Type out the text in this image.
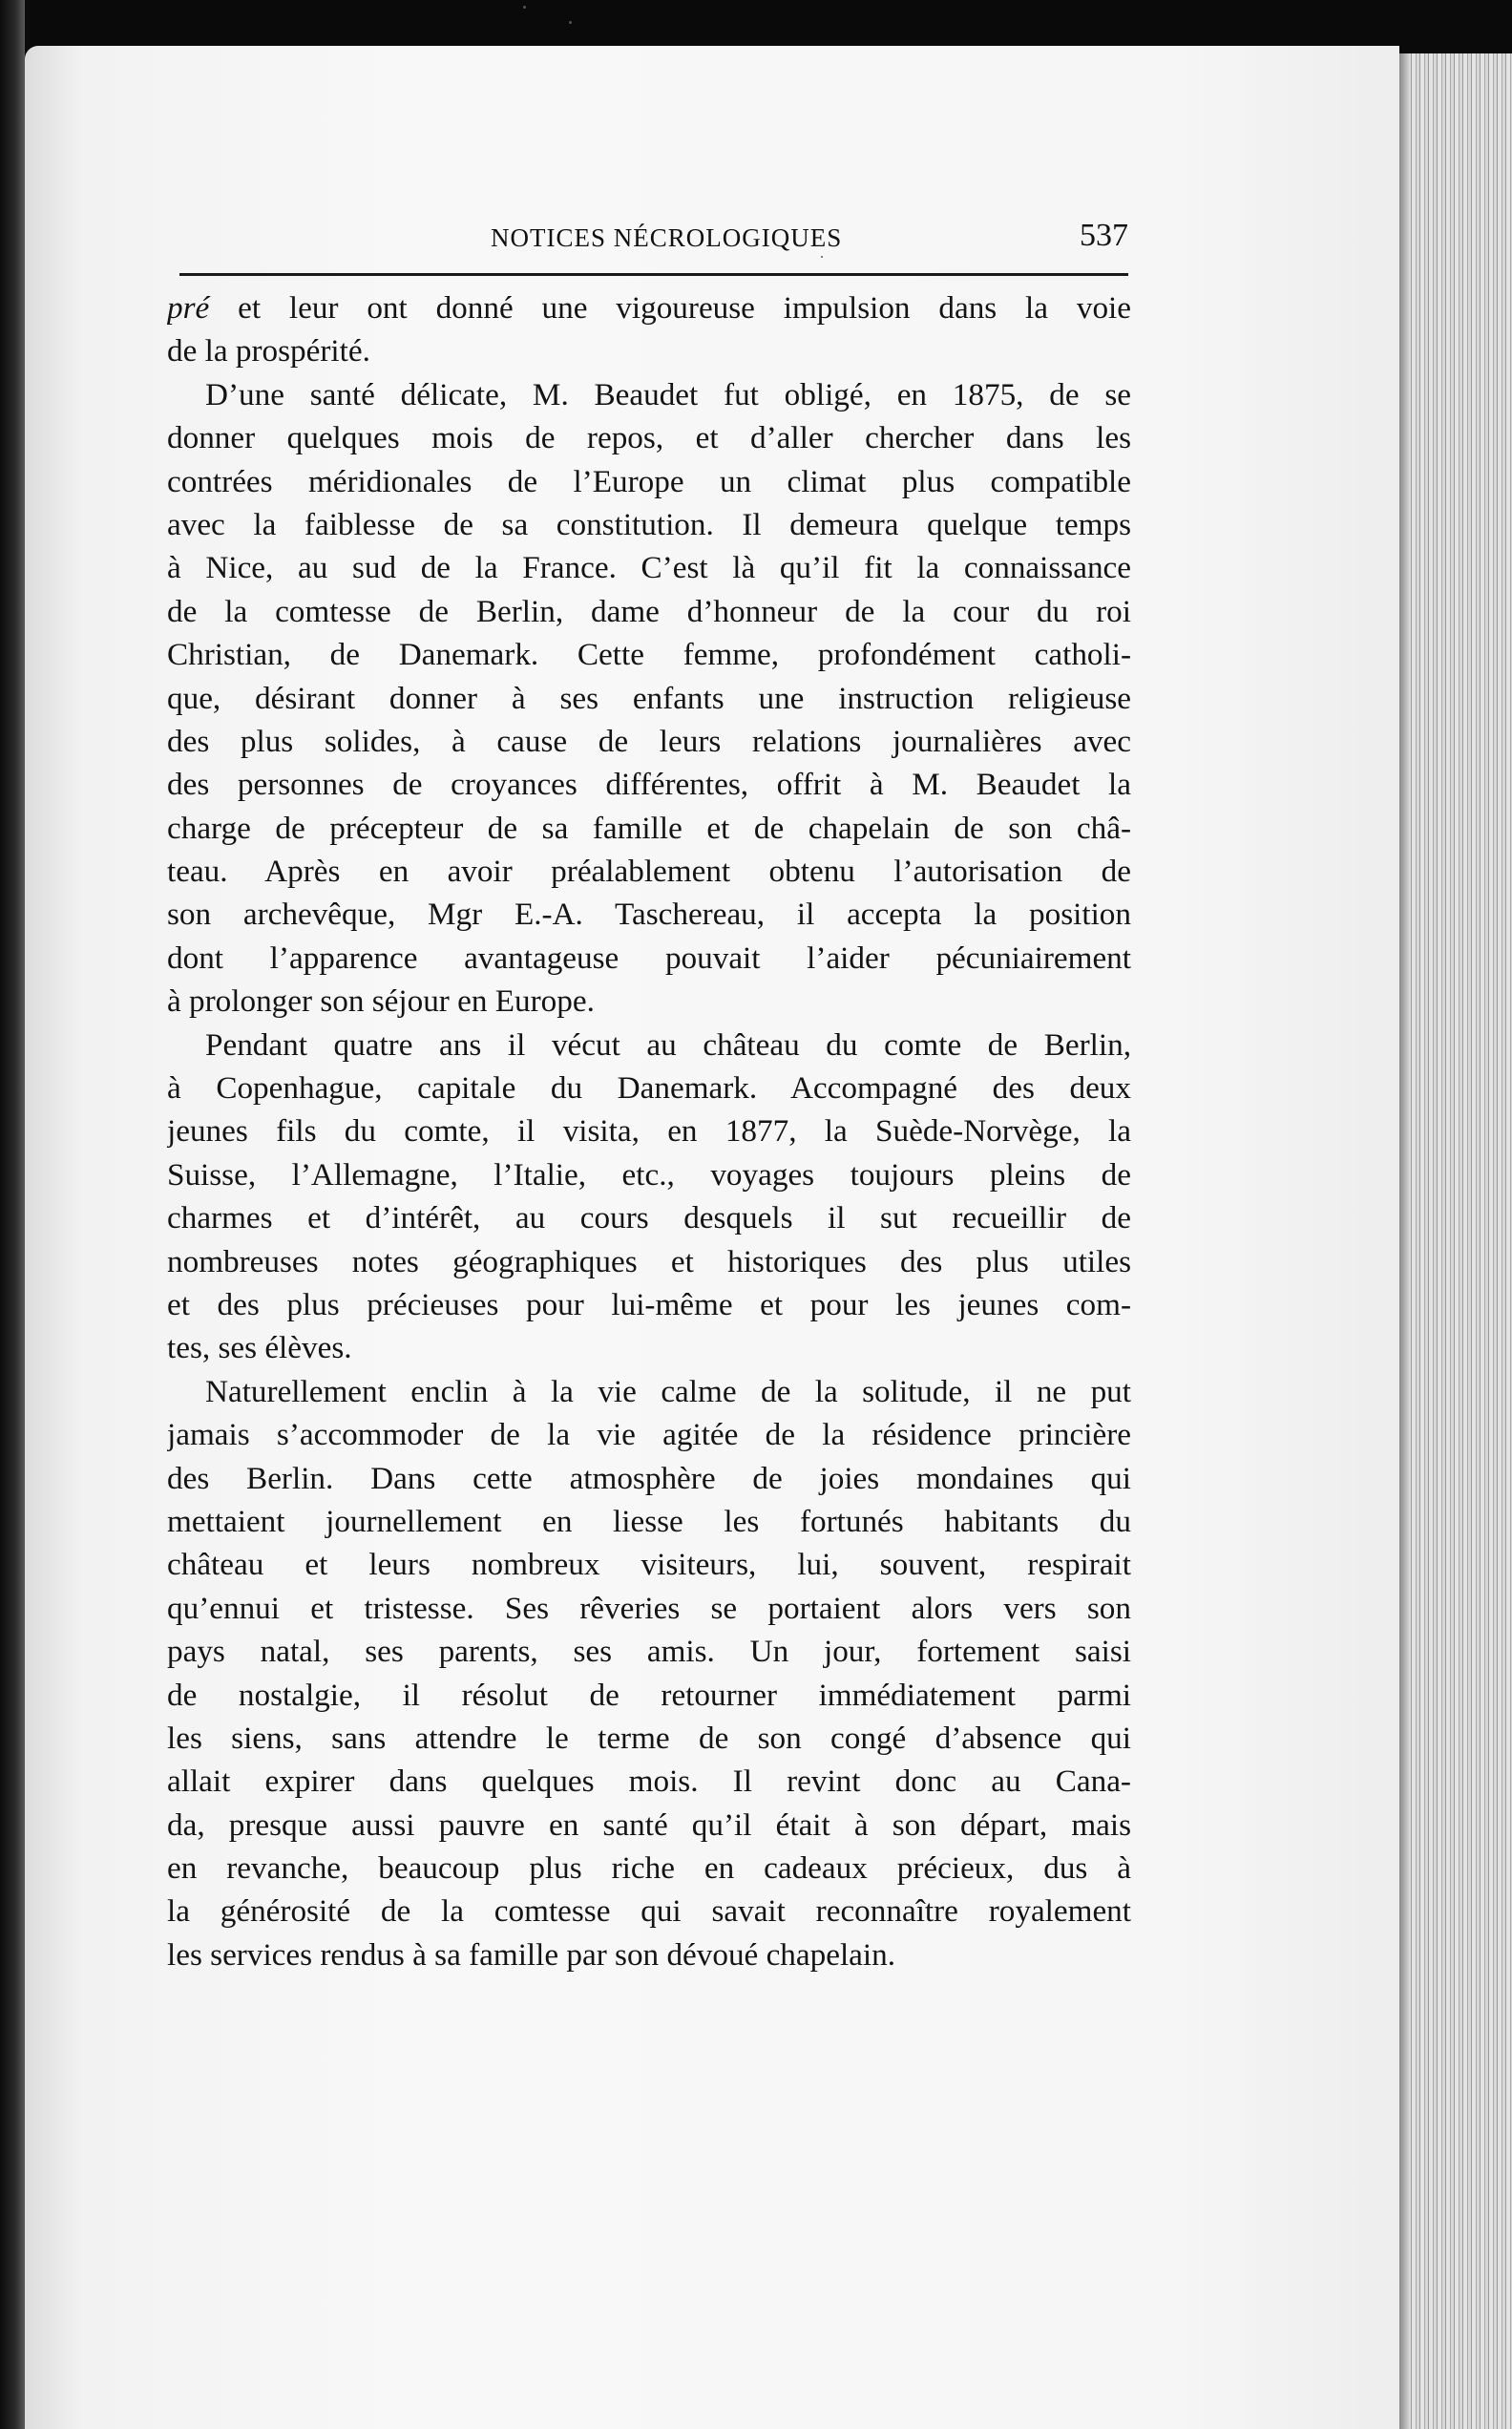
NOTICES NÉCROLOGIQUES	537
pré et leur ont donné une vigoureuse impulsion dans la voie
de la prospérité.
D’une santé délicate, M. Beaudet fut obligé, en 1875, de se
donner quelques mois de repos, et d’aller chercher dans les
contrées méridionales de l’Europe un climat plus compatible
avec la faiblesse de sa constitution. Il demeura quelque temps
à Nice, au sud de la France. C’est là qu’il fit la connaissance
de la comtesse de Berlin, dame d’honneur de la cour du roi
Christian, de Danemark. Cette femme, profondément catholi-
que, désirant donner à ses enfants une instruction religieuse
des plus solides, à cause de leurs relations journalières avec
des personnes de croyances différentes, offrit à M. Beaudet la
charge de précepteur de sa famille et de chapelain de son châ-
teau. Après en avoir préalablement obtenu l’autorisation de
son archevêque, Mgr E.-A. Taschereau, il accepta la position
dont l’apparence avantageuse pouvait l’aider pécuniairement
à prolonger son séjour en Europe.
Pendant quatre ans il vécut au château du comte de Berlin,
à Copenhague, capitale du Danemark. Accompagné des deux
jeunes fils du comte, il visita, en 1877, la Suède-Norvège, la
Suisse, l’Allemagne, l’Italie, etc., voyages toujours pleins de
charmes et d’intérêt, au cours desquels il sut recueillir de
nombreuses notes géographiques et historiques des plus utiles
et des plus précieuses pour lui-même et pour les jeunes com-
tes, ses élèves.
Naturellement enclin à la vie calme de la solitude, il ne put
jamais s’accommoder de la vie agitée de la résidence princière
des Berlin. Dans cette atmosphère de joies mondaines qui
mettaient journellement en liesse les fortunés habitants du
château et leurs nombreux visiteurs, lui, souvent, respirait
qu’ennui et tristesse. Ses rêveries se portaient alors vers son
pays natal, ses parents, ses amis. Un jour, fortement saisi
de nostalgie, il résolut de retourner immédiatement parmi
les siens, sans attendre le terme de son congé d’absence qui
allait expirer dans quelques mois. Il revint donc au Cana-
da, presque aussi pauvre en santé qu’il était à son départ, mais
en revanche, beaucoup plus riche en cadeaux précieux, dus à
la générosité de la comtesse qui savait reconnaître royalement
les services rendus à sa famille par son dévoué chapelain.
